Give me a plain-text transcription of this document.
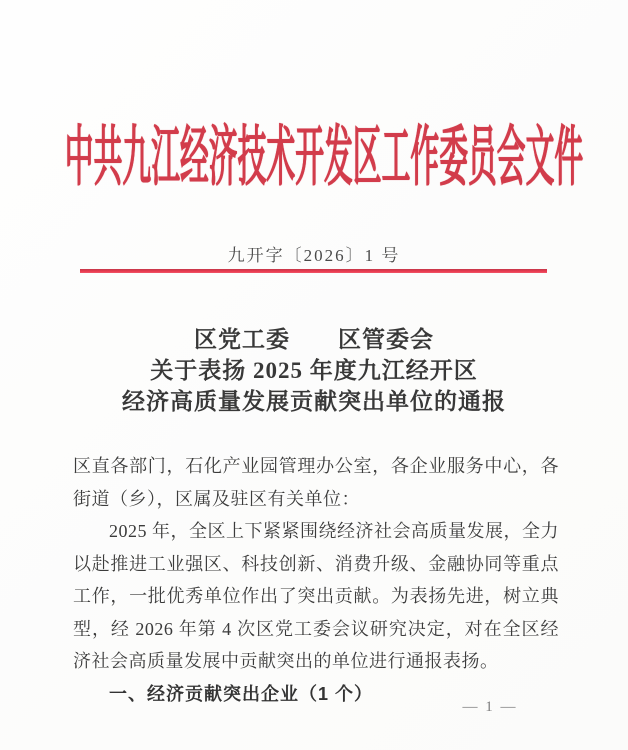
中共九江经济技术开发区工作委员会文件
九开字〔2026〕1 号
区党工委　　区管委会
关于表扬 2025 年度九江经开区
经济高质量发展贡献突出单位的通报

区直各部门，石化产业园管理办公室，各企业服务中心，各街道（乡），区属及驻区有关单位：

2025 年，全区上下紧紧围绕经济社会高质量发展，全力以赴推进工业强区、科技创新、消费升级、金融协同等重点工作，一批优秀单位作出了突出贡献。为表扬先进，树立典型，经 2026 年第 4 次区党工委会议研究决定，对在全区经济社会高质量发展中贡献突出的单位进行通报表扬。

一、经济贡献突出企业（1 个）

— 1 —
